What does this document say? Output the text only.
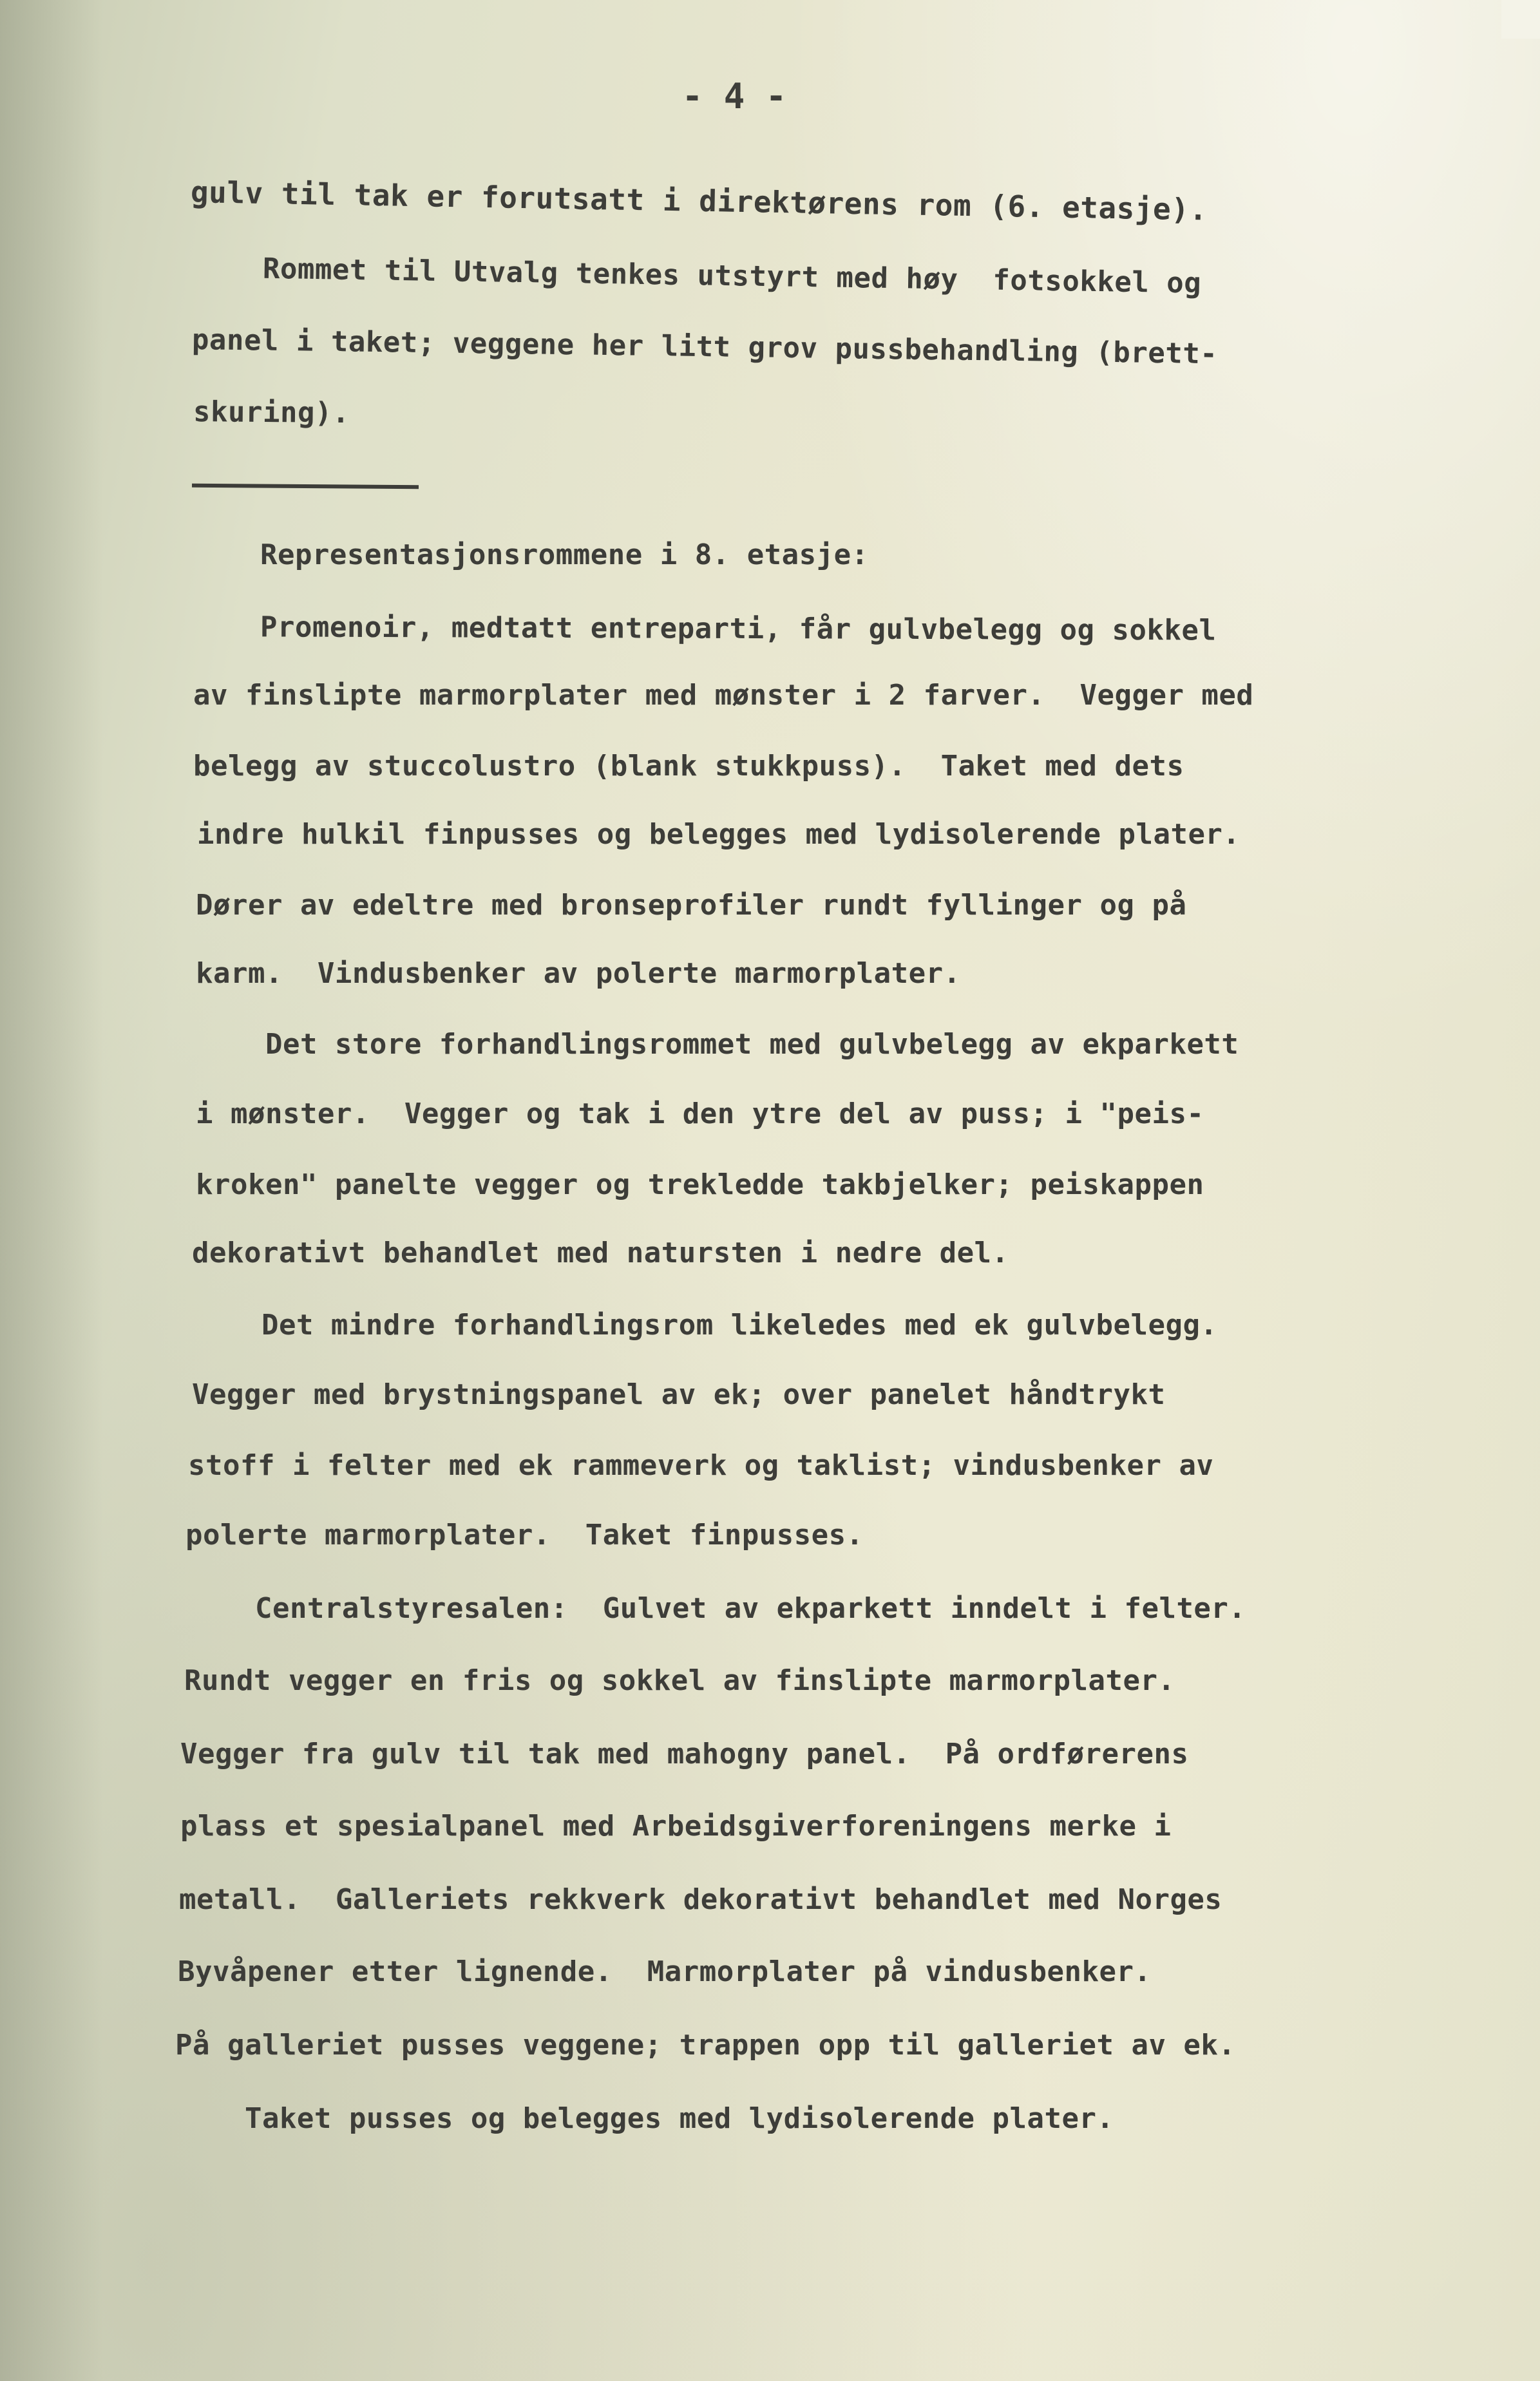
- 4 -

gulv til tak er forutsatt i direktørens rom (6. etasje).

Rommet til Utvalg tenkes utstyrt med høy  fotsokkel og

panel i taket; veggene her litt grov pussbehandling (brett-

skuring).

Representasjonsrommene i 8. etasje:

Promenoir, medtatt entreparti, får gulvbelegg og sokkel

av finslipte marmorplater med mønster i 2 farver.  Vegger med

belegg av stuccolustro (blank stukkpuss).  Taket med dets

indre hulkil finpusses og belegges med lydisolerende plater.

Dører av edeltre med bronseprofiler rundt fyllinger og på

karm.  Vindusbenker av polerte marmorplater.

Det store forhandlingsrommet med gulvbelegg av ekparkett

i mønster.  Vegger og tak i den ytre del av puss; i "peis-

kroken" panelte vegger og trekledde takbjelker; peiskappen

dekorativt behandlet med natursten i nedre del.

Det mindre forhandlingsrom likeledes med ek gulvbelegg.

Vegger med brystningspanel av ek; over panelet håndtrykt

stoff i felter med ek rammeverk og taklist; vindusbenker av

polerte marmorplater.  Taket finpusses.

Centralstyresalen:  Gulvet av ekparkett inndelt i felter.

Rundt vegger en fris og sokkel av finslipte marmorplater.

Vegger fra gulv til tak med mahogny panel.  På ordførerens

plass et spesialpanel med Arbeidsgiverforeningens merke i

metall.  Galleriets rekkverk dekorativt behandlet med Norges

Byvåpener etter lignende.  Marmorplater på vindusbenker.

På galleriet pusses veggene; trappen opp til galleriet av ek.

Taket pusses og belegges med lydisolerende plater.
